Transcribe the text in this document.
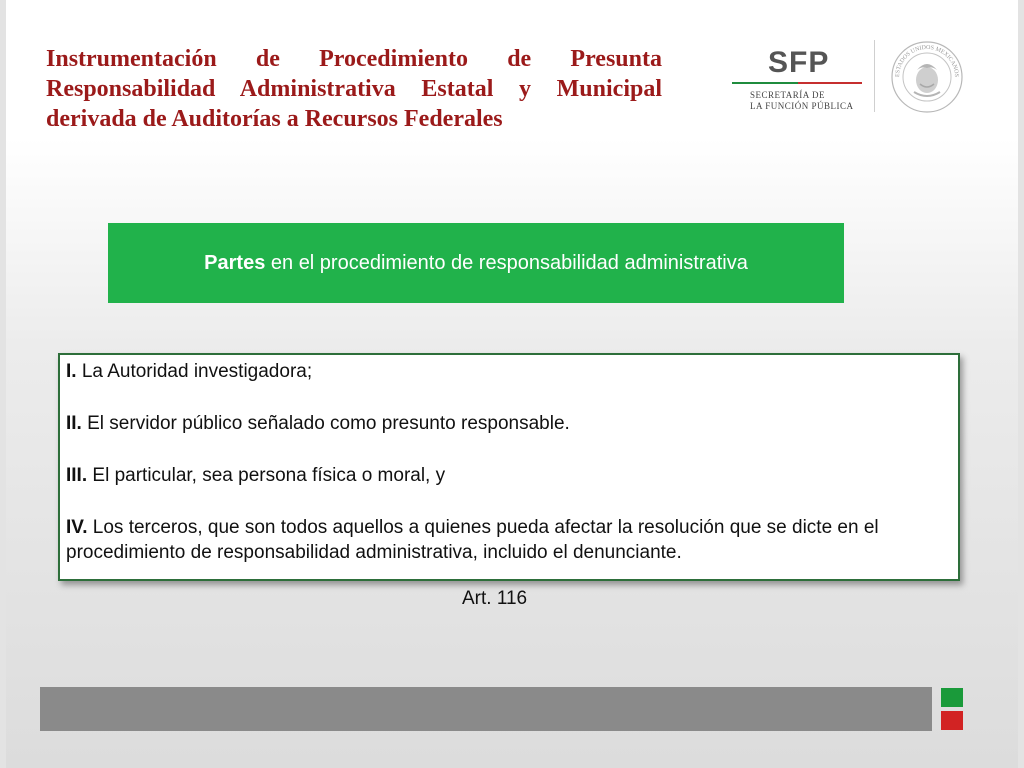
Instrumentación de Procedimiento de Presunta Responsabilidad Administrativa Estatal y Municipal derivada de Auditorías a Recursos Federales
SFP
SECRETARÍA DE
LA FUNCIÓN PÚBLICA
ESTADOS UNIDOS MEXICANOS
Partes en el procedimiento de responsabilidad administrativa

I. La Autoridad investigadora;

II. El servidor público señalado como presunto responsable.

III. El particular, sea persona física o moral, y

IV. Los terceros, que son todos aquellos a quienes pueda afectar la resolución que se dicte en el procedimiento de responsabilidad administrativa, incluido el denunciante.

Art. 116
